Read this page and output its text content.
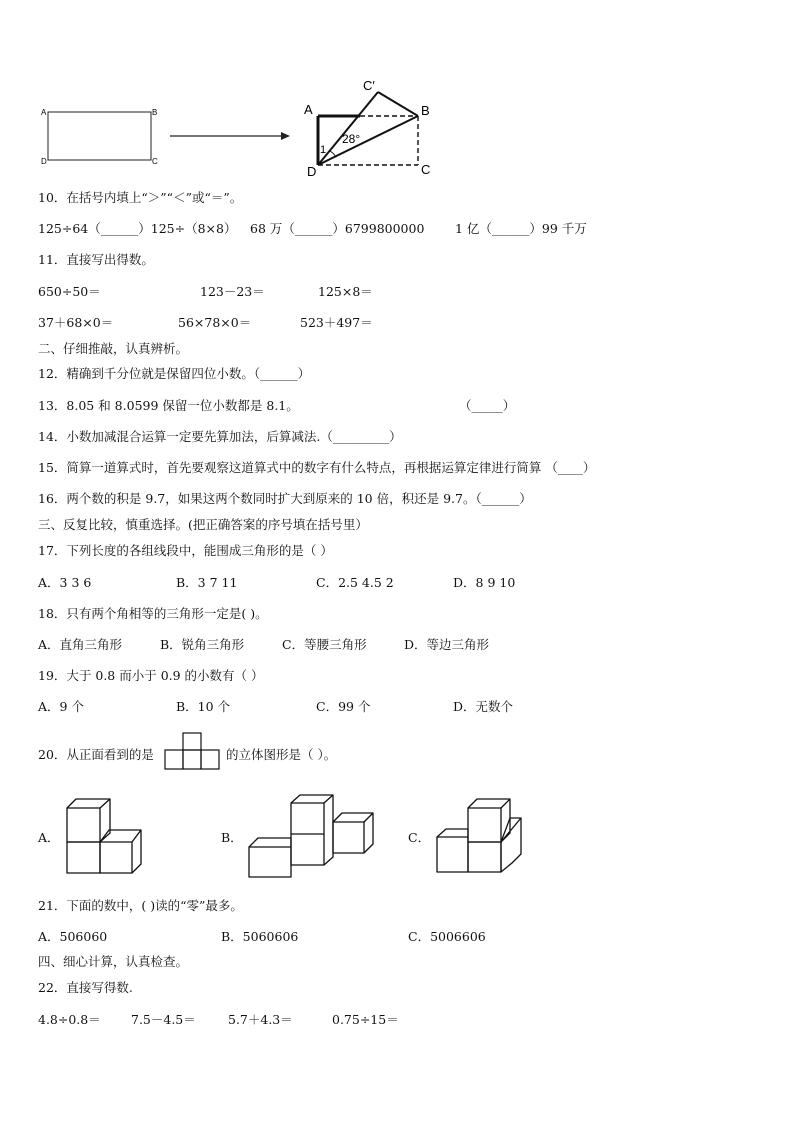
A	B
C
D
A	B
C′
C
D
28°
1
10．在括号内填上“＞”“＜”或“＝”。
125÷64（______）125÷（8×8） 68 万（______）6799800000 1 亿（______）99 千万
11．直接写出得数。
650÷50＝	123－23＝	125×8＝
37＋68×0＝	56×78×0＝	523＋497＝
二、仔细推敲，认真辨析。
12．精确到千分位就是保留四位小数。（______）
13．8.05 和 8.0599 保留一位小数都是 8.1。	（_____）
14．小数加减混合运算一定要先算加法，后算减法.（_________）
15．简算一道算式时，首先要观察这道算式中的数字有什么特点，再根据运算定律进行简算 （____）
16．两个数的积是 9.7，如果这两个数同时扩大到原来的 10 倍，积还是 9.7。（______）
三、反复比较，慎重选择。(把正确答案的序号填在括号里）
17．下列长度的各组线段中，能围成三角形的是（ ）
A．3 3 6	B．3 7 11	C．2.5 4.5 2	D．8 9 10
18．只有两个角相等的三角形一定是( )。
A．直角三角形	B．锐角三角形	C．等腰三角形	D．等边三角形
19．大于 0.8 而小于 0.9 的小数有（ ）
A．9 个	B．10 个	C．99 个	D．无数个
20．从正面看到的是	的立体图形是（ ）。
A．	B．	C．
21．下面的数中，( )读的“零”最多。
A．506060	B．5060606	C．5006606
四、细心计算，认真检查。
22．直接写得数.
4.8÷0.8＝ 7.5－4.5＝	5.7＋4.3＝	0.75÷15＝
